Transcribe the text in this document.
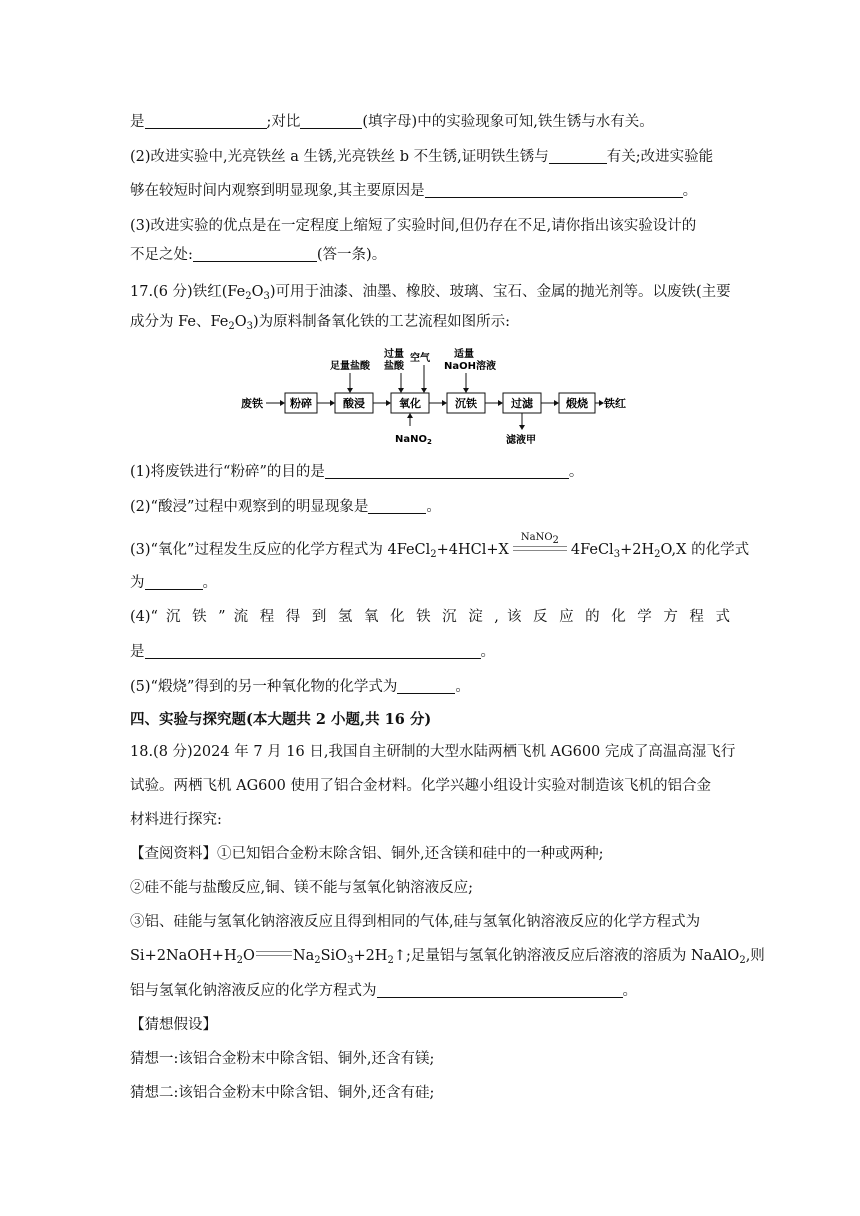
是	;对比	(填字母)中的实验现象可知,铁生锈与水有关。
(2)改进实验中,光亮铁丝 a 生锈,光亮铁丝 b 不生锈,证明铁生锈与	有关;改进实验能
够在较短时间内观察到明显现象,其主要原因是	。
(3)改进实验的优点是在一定程度上缩短了实验时间,但仍存在不足,请你指出该实验设计的
不足之处:	(答一条)。
17.(6 分)铁红$(Fe_2O_3)$可用于油漆、油墨、橡胶、玻璃、宝石、金属的抛光剂等。以废铁(主要
成分为 Fe、$Fe_2O_3$)为原料制备氧化铁的工艺流程如图所示:
废铁 粉碎	酸浸
足量盐酸
氧化
过量
盐酸
空气
NaNO$_2$
沉铁
适量
NaOH溶液
过滤
滤液甲
煅烧 铁红
(1)将废铁进行“粉碎”的目的是	。
(2)“酸浸”过程中观察到的明显现象是	。
(3)“氧化”过程发生反应的化学方程式为 4FeCl$_2$+4HCl+X
NaNO$_2$
$4FeCl_3+2H_2O,X$ 的化学式
为	。
(4)“ 沉 铁 ” 流 程 得 到 氢 氧 化 铁 沉 淀 , 该 反 应 的 化 学 方 程 式
是	。
(5)“煅烧”得到的另一种氧化物的化学式为	。
四、实验与探究题(本大题共 2 小题,共 16 分)
18.(8 分)2024 年 7 月 16 日,我国自主研制的大型水陆两栖飞机 AG600 完成了高温高湿飞行
试验。两栖飞机 AG600 使用了铝合金材料。化学兴趣小组设计实验对制造该飞机的铝合金
材料进行探究:
【查阅资料】①已知铝合金粉末除含铝、铜外,还含镁和硅中的一种或两种;
②硅不能与盐酸反应,铜、镁不能与氢氧化钠溶液反应;
③铝、硅能与氢氧化钠溶液反应且得到相同的气体,硅与氢氧化钠溶液反应的化学方程式为
$Si+2NaOH+H_2O$	$Na_2SiO_3+2H_2↑$;足量铝与氢氧化钠溶液反应后溶液的溶质为 NaAlO$_2$,则
铝与氢氧化钠溶液反应的化学方程式为	。
【猜想假设】
猜想一:该铝合金粉末中除含铝、铜外,还含有镁;
猜想二:该铝合金粉末中除含铝、铜外,还含有硅;
